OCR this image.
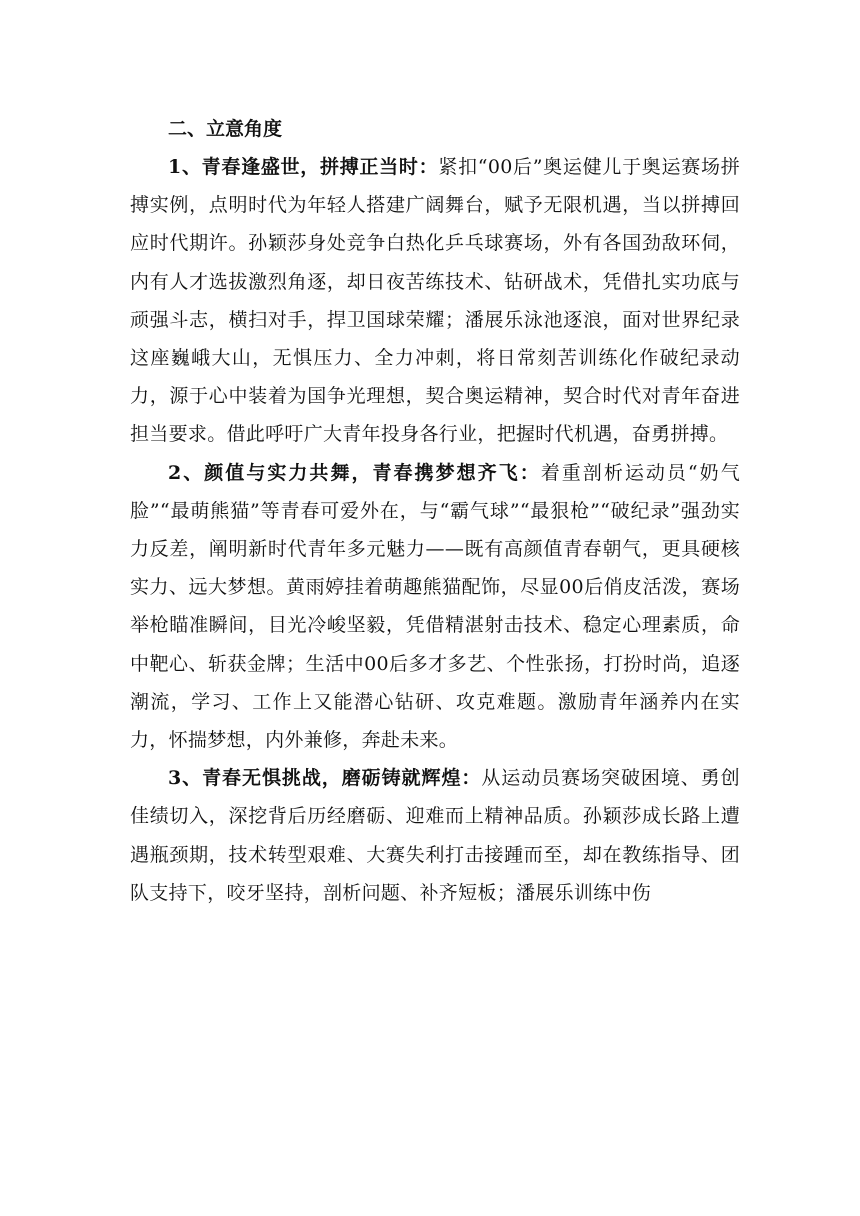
二、立意角度

1、青春逢盛世，拼搏正当时：紧扣“00后”奥运健儿于奥运赛场拼搏实例，点明时代为年轻人搭建广阔舞台，赋予无限机遇，当以拼搏回应时代期许。孙颖莎身处竞争白热化乒乓球赛场，外有各国劲敌环伺，内有人才选拔激烈角逐，却日夜苦练技术、钻研战术，凭借扎实功底与顽强斗志，横扫对手，捍卫国球荣耀；潘展乐泳池逐浪，面对世界纪录这座巍峨大山，无惧压力、全力冲刺，将日常刻苦训练化作破纪录动力，源于心中装着为国争光理想，契合奥运精神，契合时代对青年奋进担当要求。借此呼吁广大青年投身各行业，把握时代机遇，奋勇拼搏。

2、颜值与实力共舞，青春携梦想齐飞：着重剖析运动员“奶气脸”“最萌熊猫”等青春可爱外在，与“霸气球”“最狠枪”“破纪录”强劲实力反差，阐明新时代青年多元魅力——既有高颜值青春朝气，更具硬核实力、远大梦想。黄雨婷挂着萌趣熊猫配饰，尽显00后俏皮活泼，赛场举枪瞄准瞬间，目光冷峻坚毅，凭借精湛射击技术、稳定心理素质，命中靶心、斩获金牌；生活中00后多才多艺、个性张扬，打扮时尚，追逐潮流，学习、工作上又能潜心钻研、攻克难题。激励青年涵养内在实力，怀揣梦想，内外兼修，奔赴未来。

3、青春无惧挑战，磨砺铸就辉煌：从运动员赛场突破困境、勇创佳绩切入，深挖背后历经磨砺、迎难而上精神品质。孙颖莎成长路上遭遇瓶颈期，技术转型艰难、大赛失利打击接踵而至，却在教练指导、团队支持下，咬牙坚持，剖析问题、补齐短板；潘展乐训练中伤
